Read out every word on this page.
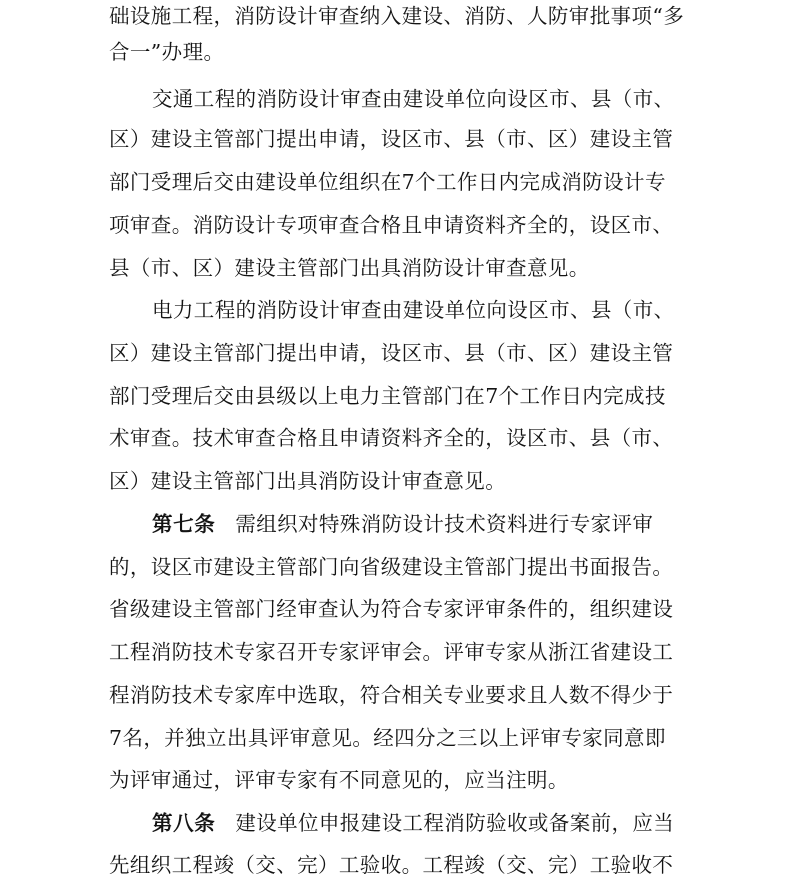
础设施工程，消防设计审查纳入建设、消防、人防审批事项“多
合一”办理。
交通工程的消防设计审查由建设单位向设区市、县（市、
区）建设主管部门提出申请，设区市、县（市、区）建设主管
部门受理后交由建设单位组织在7个工作日内完成消防设计专
项审查。消防设计专项审查合格且申请资料齐全的，设区市、
县（市、区）建设主管部门出具消防设计审查意见。
电力工程的消防设计审查由建设单位向设区市、县（市、
区）建设主管部门提出申请，设区市、县（市、区）建设主管
部门受理后交由县级以上电力主管部门在7个工作日内完成技
术审查。技术审查合格且申请资料齐全的，设区市、县（市、
区）建设主管部门出具消防设计审查意见。
第七条 需组织对特殊消防设计技术资料进行专家评审
的，设区市建设主管部门向省级建设主管部门提出书面报告。
省级建设主管部门经审查认为符合专家评审条件的，组织建设
工程消防技术专家召开专家评审会。评审专家从浙江省建设工
程消防技术专家库中选取，符合相关专业要求且人数不得少于
7名，并独立出具评审意见。经四分之三以上评审专家同意即
为评审通过，评审专家有不同意见的，应当注明。
第八条 建设单位申报建设工程消防验收或备案前，应当
先组织工程竣（交、完）工验收。工程竣（交、完）工验收不
